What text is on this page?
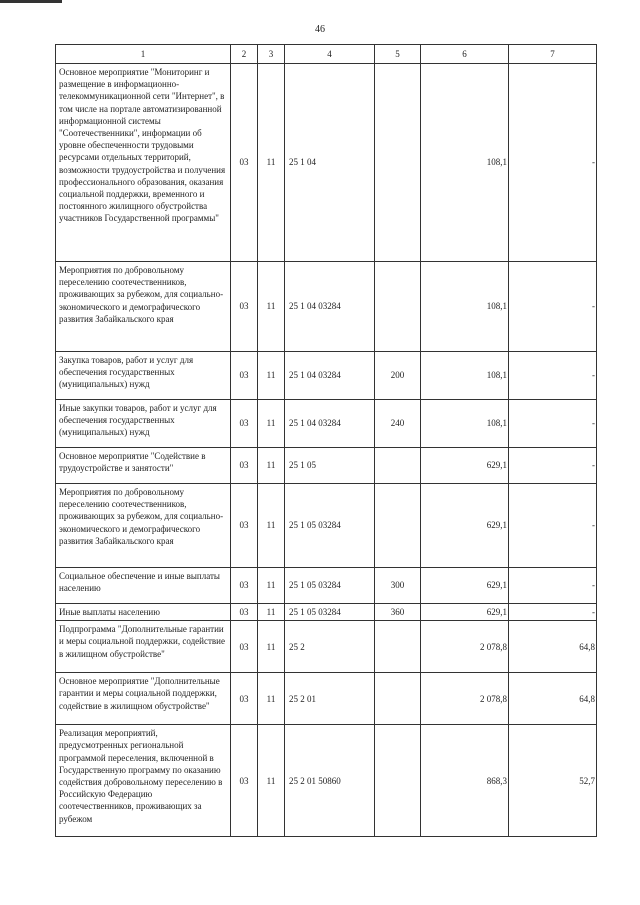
46
1	2	3	4	5	6	7
Основное мероприятие "Мониторинг и размещение в информационно-телекоммуникационной сети "Интернет", в том числе на портале автоматизированной информационной системы "Соотечественники", информации об уровне обеспеченности трудовыми ресурсами отдельных территорий, возможности трудоустройства и получения профессионального образования, оказания социальной поддержки, временного и постоянного жилищного обустройства участников Государственной программы"	03	11	25 1 04		108,1	-
Мероприятия по добровольному переселению соотечественников, проживающих за рубежом, для социально-экономического и демографического развития Забайкальского края	03	11	25 1 04 03284		108,1	-
Закупка товаров, работ и услуг для обеспечения государственных (муниципальных) нужд	03	11	25 1 04 03284	200	108,1	-
Иные закупки товаров, работ и услуг для обеспечения государственных (муниципальных) нужд	03	11	25 1 04 03284	240	108,1	-
Основное мероприятие "Содействие в трудоустройстве и занятости"	03	11	25 1 05		629,1	-
Мероприятия по добровольному переселению соотечественников, проживающих за рубежом, для социально-экономического и демографического развития Забайкальского края	03	11	25 1 05 03284		629,1	-
Социальное обеспечение и иные выплаты населению	03	11	25 1 05 03284	300	629,1	-
Иные выплаты населению	03	11	25 1 05 03284	360	629,1	-
Подпрограмма "Дополнительные гарантии и меры социальной поддержки, содействие в жилищном обустройстве"	03	11	25 2		2 078,8	64,8
Основное мероприятие "Дополнительные гарантии и меры социальной поддержки, содействие в жилищном обустройстве"	03	11	25 2 01		2 078,8	64,8
Реализация мероприятий, предусмотренных региональной программой переселения, включенной в Государственную программу по оказанию содействия добровольному переселению в Российскую Федерацию соотечественников, проживающих за рубежом	03	11	25 2 01 50860		868,3	52,7
